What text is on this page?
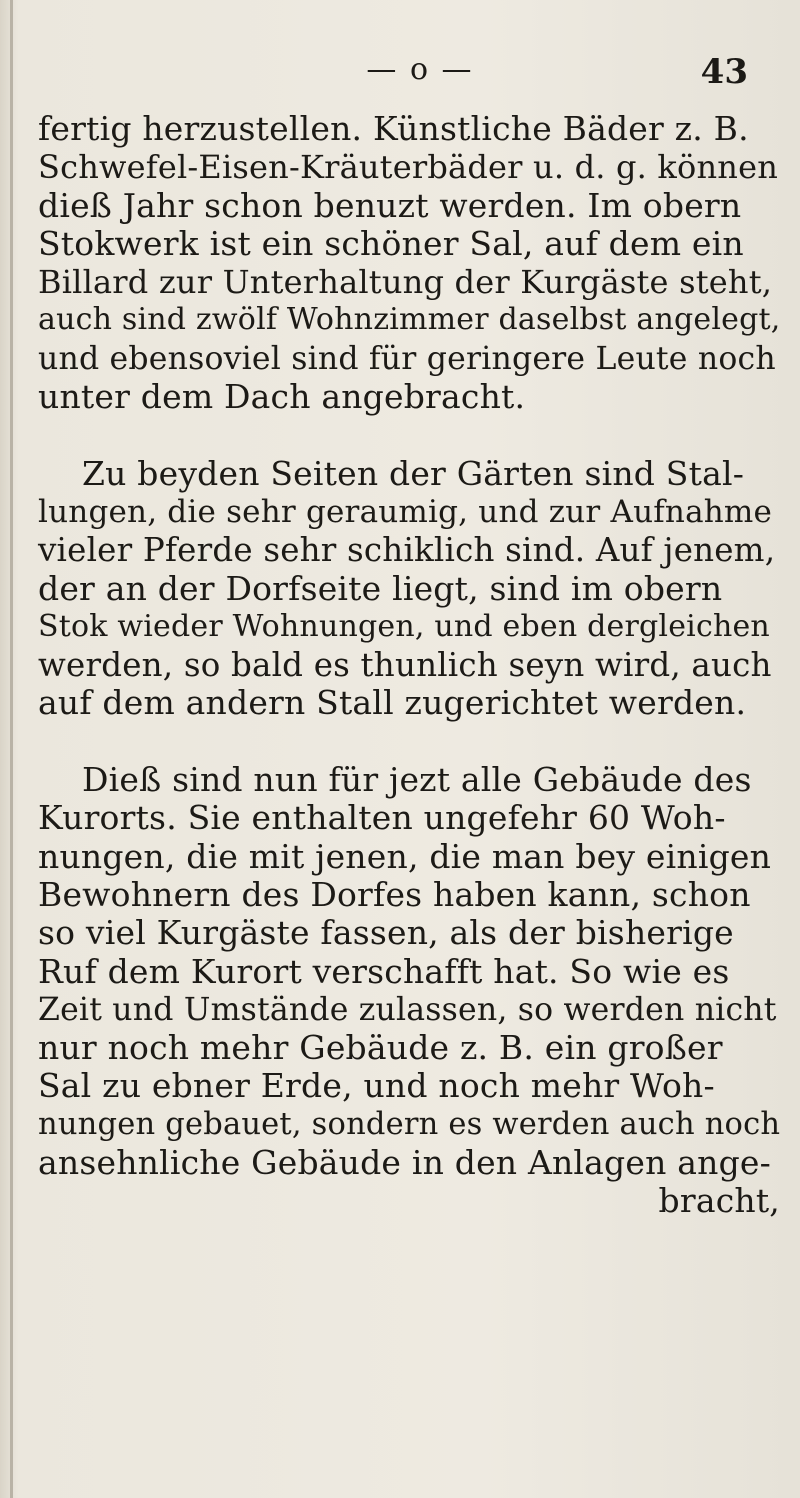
— o —	43
fertig herzustellen. Künstliche Bäder z. B.
Schwefel-Eisen-Kräuterbäder u. d. g. können
dieß Jahr schon benuzt werden. Im obern
Stokwerk ist ein schöner Sal, auf dem ein
Billard zur Unterhaltung der Kurgäste steht,
auch sind zwölf Wohnzimmer daselbst angelegt,
und ebensoviel sind für geringere Leute noch
unter dem Dach angebracht.
Zu beyden Seiten der Gärten sind Stal-
lungen, die sehr geraumig, und zur Aufnahme
vieler Pferde sehr schiklich sind. Auf jenem,
der an der Dorfseite liegt, sind im obern
Stok wieder Wohnungen, und eben dergleichen
werden, so bald es thunlich seyn wird, auch
auf dem andern Stall zugerichtet werden.
Dieß sind nun für jezt alle Gebäude des
Kurorts. Sie enthalten ungefehr 60 Woh-
nungen, die mit jenen, die man bey einigen
Bewohnern des Dorfes haben kann, schon
so viel Kurgäste fassen, als der bisherige
Ruf dem Kurort verschafft hat. So wie es
Zeit und Umstände zulassen, so werden nicht
nur noch mehr Gebäude z. B. ein großer
Sal zu ebner Erde, und noch mehr Woh-
nungen gebauet, sondern es werden auch noch
ansehnliche Gebäude in den Anlagen ange-
bracht,
